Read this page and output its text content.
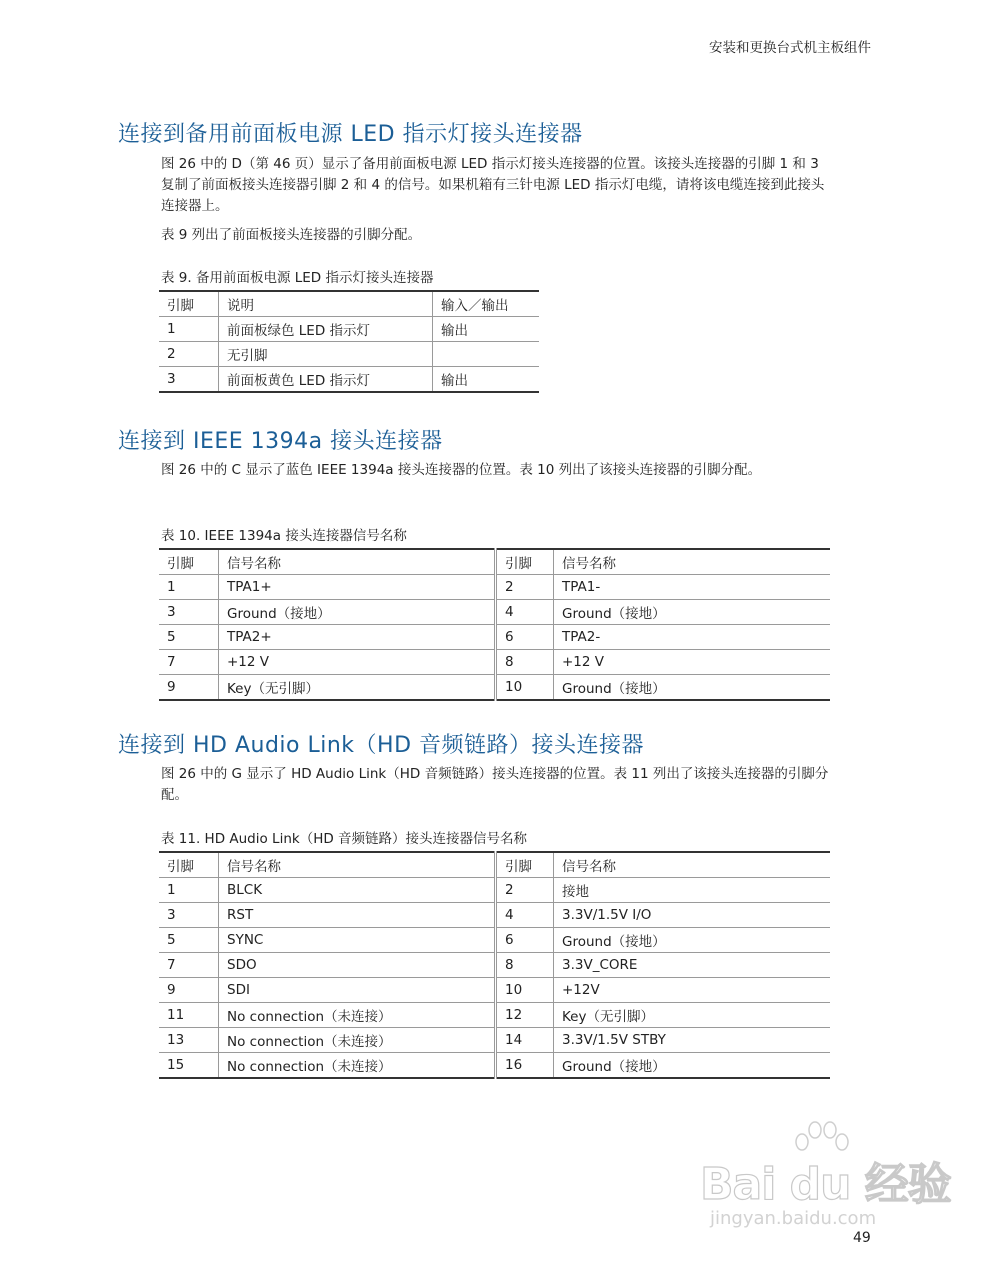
安装和更换台式机主板组件
连接到备用前面板电源 LED 指示灯接头连接器

图 26 中的 D（第 46 页）显示了备用前面板电源 LED 指示灯接头连接器的位置。该接头连接器的引脚 1 和 3 复制了前面板接头连接器引脚 2 和 4 的信号。如果机箱有三针电源 LED 指示灯电缆，请将该电缆连接到此接头连接器上。

表 9 列出了前面板接头连接器的引脚分配。

表 9. 备用前面板电源 LED 指示灯接头连接器

引脚	说明	输入／输出
1	前面板绿色 LED 指示灯	输出
2	无引脚	
3	前面板黄色 LED 指示灯	输出
连接到 IEEE 1394a 接头连接器

图 26 中的 C 显示了蓝色 IEEE 1394a 接头连接器的位置。表 10 列出了该接头连接器的引脚分配。

表 10. IEEE 1394a 接头连接器信号名称

引脚	信号名称	引脚	信号名称
1	TPA1+	2	TPA1-
3	Ground（接地）	4	Ground（接地）
5	TPA2+	6	TPA2-
7	+12 V	8	+12 V
9	Key（无引脚）	10	Ground（接地）
连接到 HD Audio Link（HD 音频链路）接头连接器

图 26 中的 G 显示了 HD Audio Link（HD 音频链路）接头连接器的位置。表 11 列出了该接头连接器的引脚分配。

表 11. HD Audio Link（HD 音频链路）接头连接器信号名称

引脚	信号名称	引脚	信号名称
1	BLCK	2	接地
3	RST	4	3.3V/1.5V I/O
5	SYNC	6	Ground（接地）
7	SDO	8	3.3V_CORE
9	SDI	10	+12V
11	No connection（未连接）	12	Key（无引脚）
13	No connection（未连接）	14	3.3V/1.5V STBY
15	No connection（未连接）	16	Ground（接地）
Bai du 经验
jingyan.baidu.com
49
